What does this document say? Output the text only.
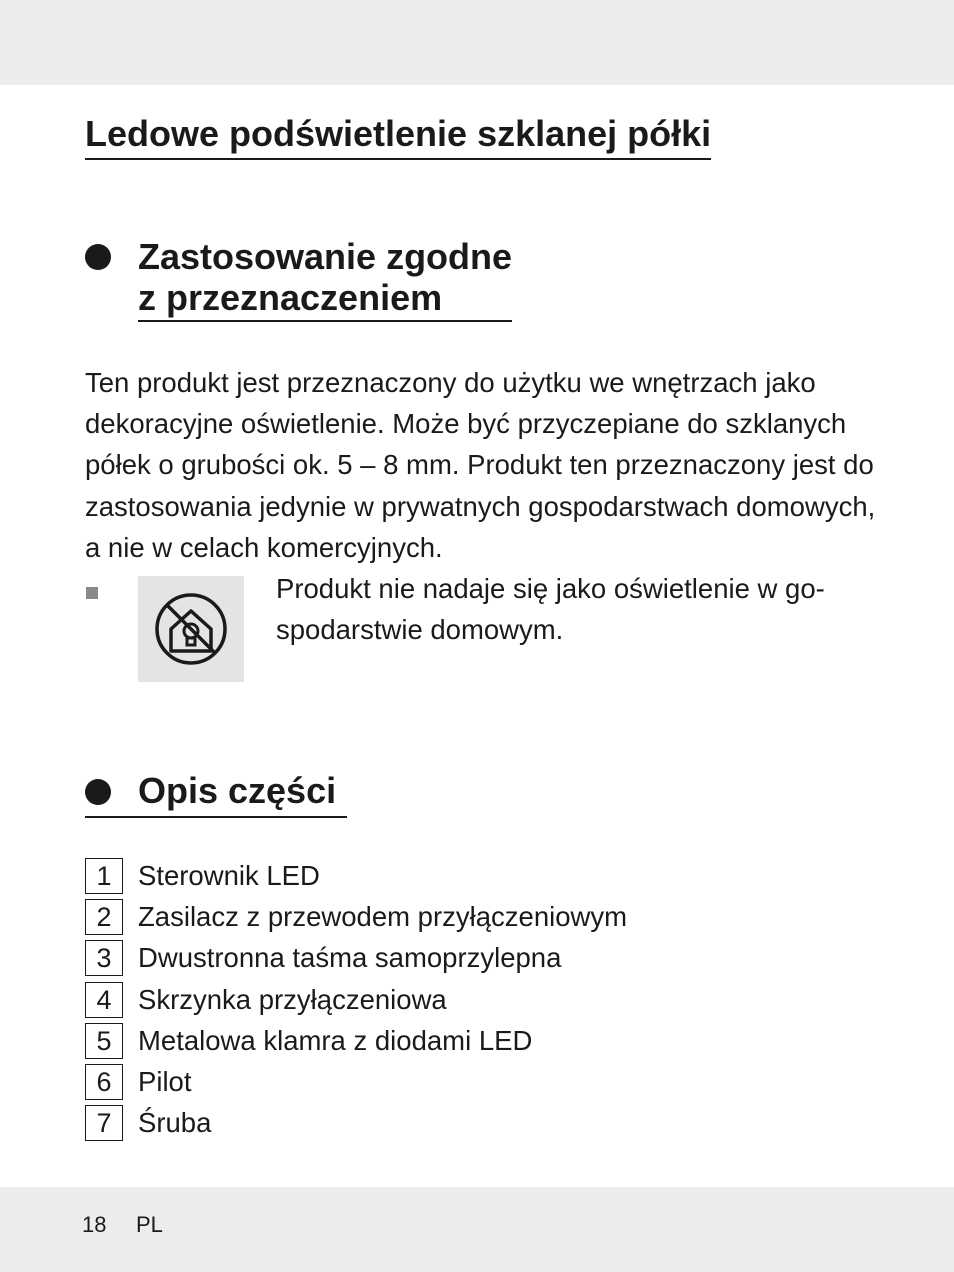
Ledowe podświetlenie szklanej półki
Zastosowanie zgodne
z przeznaczeniem

Ten produkt jest przeznaczony do użytku we wnętrzach jako dekoracyjne oświetlenie. Może być przyczepiane do szklanych półek o grubości ok. 5 – 8 mm. Produkt ten przeznaczony jest do zastosowania jedynie w prywatnych gospodarstwach domowych, a nie w celach komercyjnych.

Produkt nie nadaje się jako oświetlenie w go-
spodarstwie domowym.

Opis części
1 Sterownik LED
2 Zasilacz z przewodem przyłączeniowym
3 Dwustronna taśma samoprzylepna
4 Skrzynka przyłączeniowa
5 Metalowa klamra z diodami LED
6 Pilot
7 Śruba
18 PL
